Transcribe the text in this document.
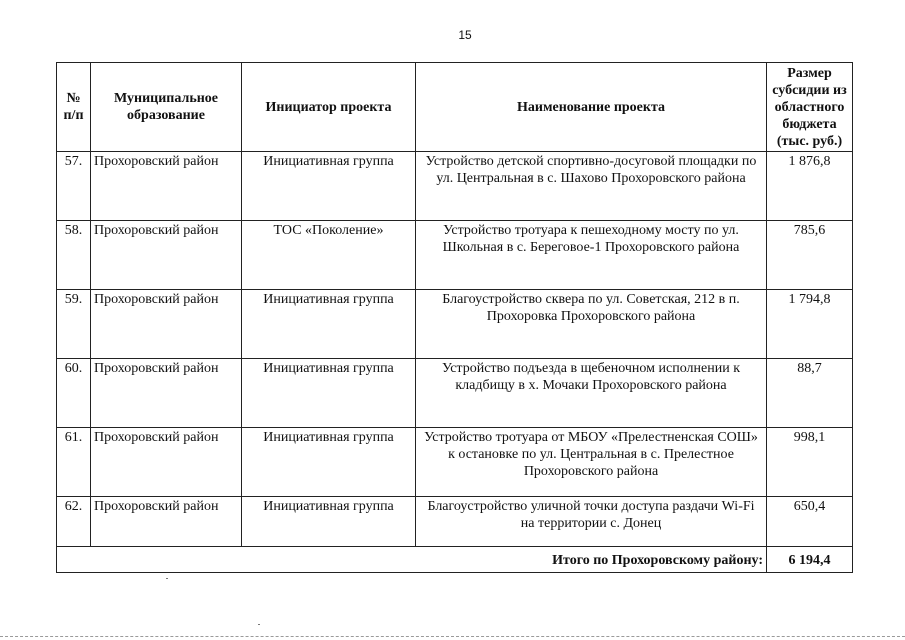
15
№ п/п	Муниципальное образование	Инициатор проекта	Наименование проекта	Размер субсидии из областного бюджета (тыс. руб.)
57.	Прохоровский район	Инициативная группа	Устройство детской спортивно-досуговой площадки по ул. Центральная в с. Шахово Прохоровского района	1 876,8
58.	Прохоровский район	ТОС «Поколение»	Устройство тротуара к пешеходному мосту по ул. Школьная в с. Береговое-1 Прохоровского района	785,6
59.	Прохоровский район	Инициативная группа	Благоустройство сквера по ул. Советская, 212 в п. Прохоровка Прохоровского района	1 794,8
60.	Прохоровский район	Инициативная группа	Устройство подъезда в щебеночном исполнении к кладбищу в х. Мочаки Прохоровского района	88,7
61.	Прохоровский район	Инициативная группа	Устройство тротуара от МБОУ «Прелестненская СОШ» к остановке по ул. Центральная в с. Прелестное Прохоровского района	998,1
62.	Прохоровский район	Инициативная группа	Благоустройство уличной точки доступа раздачи Wi-Fi на территории с. Донец	650,4
Итого по Прохоровскому району:				6 194,4
